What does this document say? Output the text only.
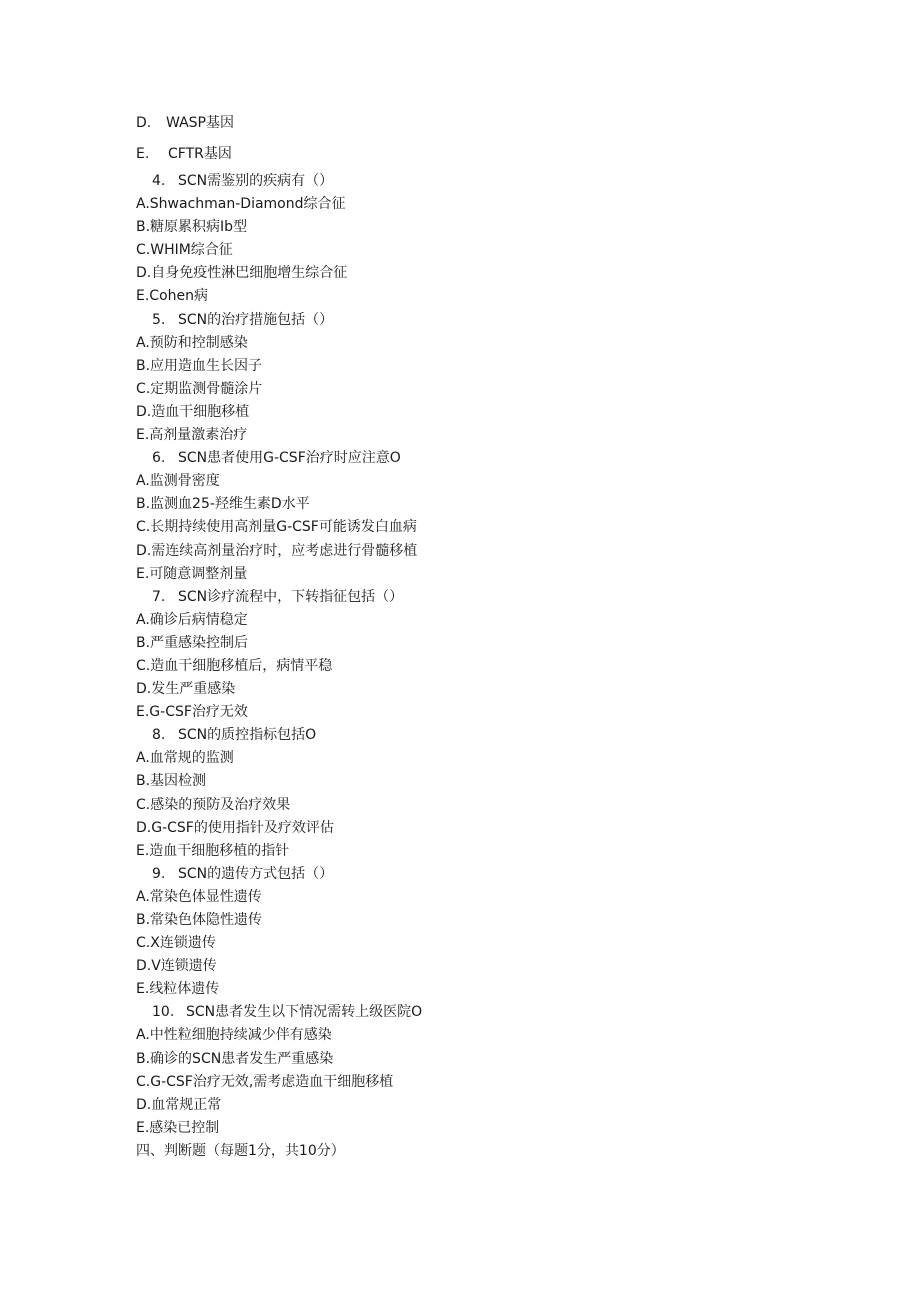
D.	WASP基因
E.	CFTR基因
4. SCN需鉴别的疾病有（）
A.Shwachman-Diamond综合征
B.糖原累积病Ib型
C.WHIM综合征
D.自身免疫性淋巴细胞增生综合征
E.Cohen病
5. SCN的治疗措施包括（）
A.预防和控制感染
B.应用造血生长因子
C.定期监测骨髓涂片
D.造血干细胞移植
E.高剂量激素治疗
6. SCN患者使用G-CSF治疗时应注意O
A.监测骨密度
B.监测血25-羟维生素D水平
C.长期持续使用高剂量G-CSF可能诱发白血病
D.需连续高剂量治疗时，应考虑进行骨髓移植
E.可随意调整剂量
7. SCN诊疗流程中，下转指征包括（）
A.确诊后病情稳定
B.严重感染控制后
C.造血干细胞移植后，病情平稳
D.发生严重感染
E.G-CSF治疗无效
8. SCN的质控指标包括O
A.血常规的监测
B.基因检测
C.感染的预防及治疗效果
D.G-CSF的使用指针及疗效评估
E.造血干细胞移植的指针
9. SCN的遗传方式包括（）
A.常染色体显性遗传
B.常染色体隐性遗传
C.X连锁遗传
D.V连锁遗传
E.线粒体遗传
10. SCN患者发生以下情况需转上级医院O
A.中性粒细胞持续减少伴有感染
B.确诊的SCN患者发生严重感染
C.G-CSF治疗无效,需考虑造血干细胞移植
D.血常规正常
E.感染已控制
四、判断题（每题1分，共10分）
